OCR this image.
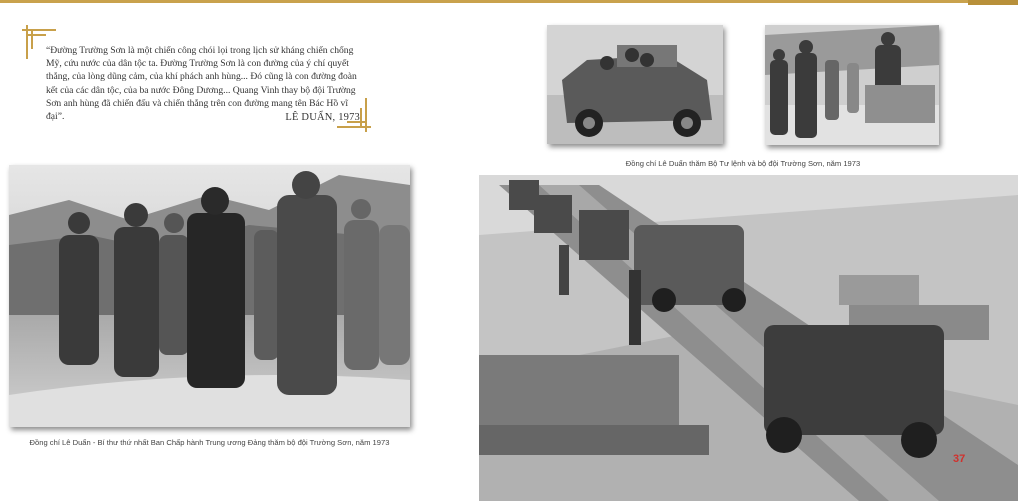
“Đường Trường Sơn là một chiến công chói lọi trong lịch sử kháng chiến chống Mỹ, cứu nước của dân tộc ta. Đường Trường Sơn là con đường của ý chí quyết thắng, của lòng dũng cảm, của khí phách anh hùng... Đó cũng là con đường đoàn kết của các dân tộc, của ba nước Đông Dương... Quang Vinh thay bộ đội Trường Sơn anh hùng đã chiến đấu và chiến thắng trên con đường mang tên Bác Hồ vĩ đại”.	LÊ DUẨN, 1973
Đồng chí Lê Duẩn - Bí thư thứ nhất Ban Chấp hành Trung ương Đảng thăm bộ đội Trường Sơn, năm 1973
Đồng chí Lê Duẩn thăm Bộ Tư lệnh và bộ đội Trường Sơn, năm 1973
37
